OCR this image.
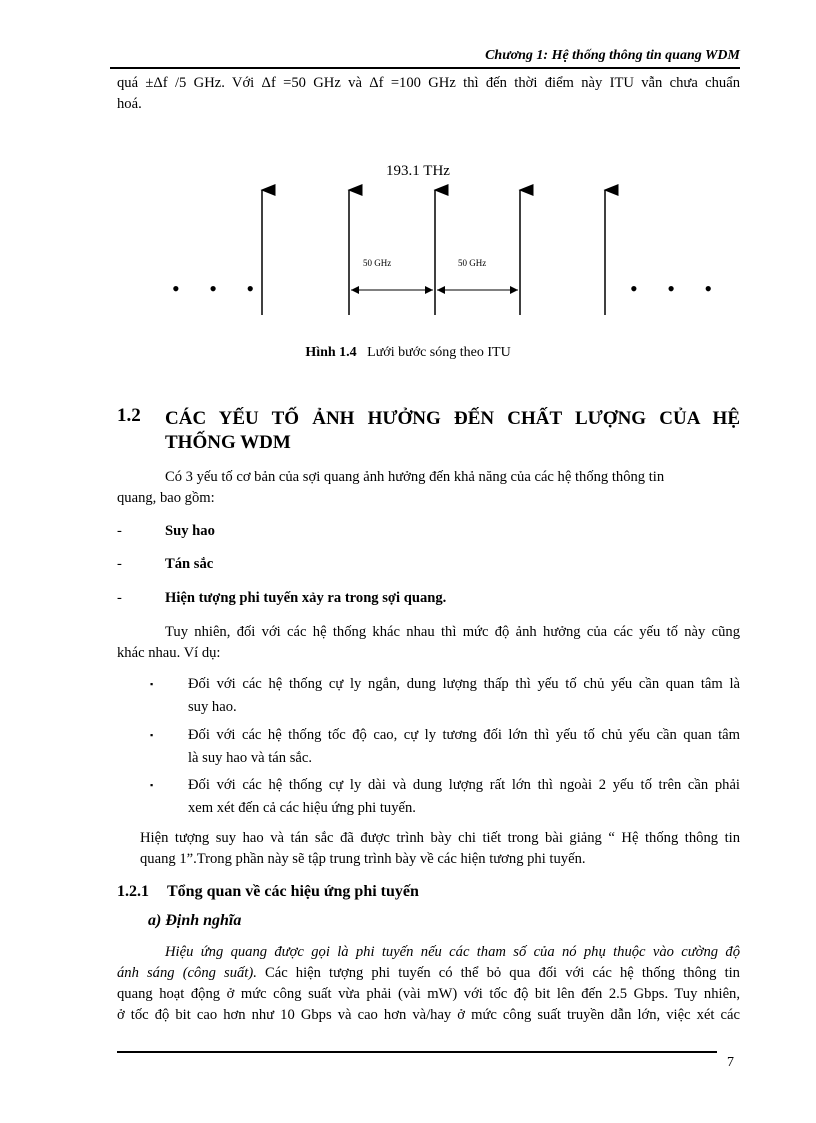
Chương 1: Hệ thống thông tin quang WDM
quá ±Δf /5 GHz. Với Δf =50 GHz và Δf =100 GHz thì đến thời điểm này ITU vẫn chưa chuẩn
hoá.
193.1 THz
50 GHz	50 GHz
• • •	• • •
Hình 1.4 Lưới bước sóng theo ITU
1.2 CÁC YẾU TỐ ẢNH HƯỞNG ĐẾN CHẤT LƯỢNG CỦA HỆ
THỐNG WDM
Có 3 yếu tố cơ bản của sợi quang ảnh hưởng đến khả năng của các hệ thống thông tin
quang, bao gồm:
-	Suy hao
-	Tán sắc
-	Hiện tượng phi tuyến xảy ra trong sợi quang.
Tuy nhiên, đối với các hệ thống khác nhau thì mức độ ảnh hưởng của các yếu tố này cũng
khác nhau. Ví dụ:
▪ Đối với các hệ thống cự ly ngắn, dung lượng thấp thì yếu tố chủ yếu cần quan tâm là
suy hao.
▪ Đối với các hệ thống tốc độ cao, cự ly tương đối lớn thì yếu tố chủ yếu cần quan tâm
là suy hao và tán sắc.
▪ Đối với các hệ thống cự ly dài và dung lượng rất lớn thì ngoài 2 yếu tố trên cần phải
xem xét đến cả các hiệu ứng phi tuyến.
Hiện tượng suy hao và tán sắc đã được trình bày chi tiết trong bài giảng “ Hệ thống thông tin
quang 1”.Trong phần này sẽ tập trung trình bày về các hiện tương phi tuyến.
1.2.1 Tổng quan về các hiệu ứng phi tuyến
a) Định nghĩa
Hiệu ứng quang được gọi là phi tuyến nếu các tham số của nó phụ thuộc vào cường độ
ánh sáng (công suất). Các hiện tượng phi tuyến có thể bỏ qua đối với các hệ thống thông tin
quang hoạt động ở mức công suất vừa phải (vài mW) với tốc độ bit lên đến 2.5 Gbps. Tuy nhiên,
ở tốc độ bit cao hơn như 10 Gbps và cao hơn và/hay ở mức công suất truyền dẫn lớn, việc xét các
7
